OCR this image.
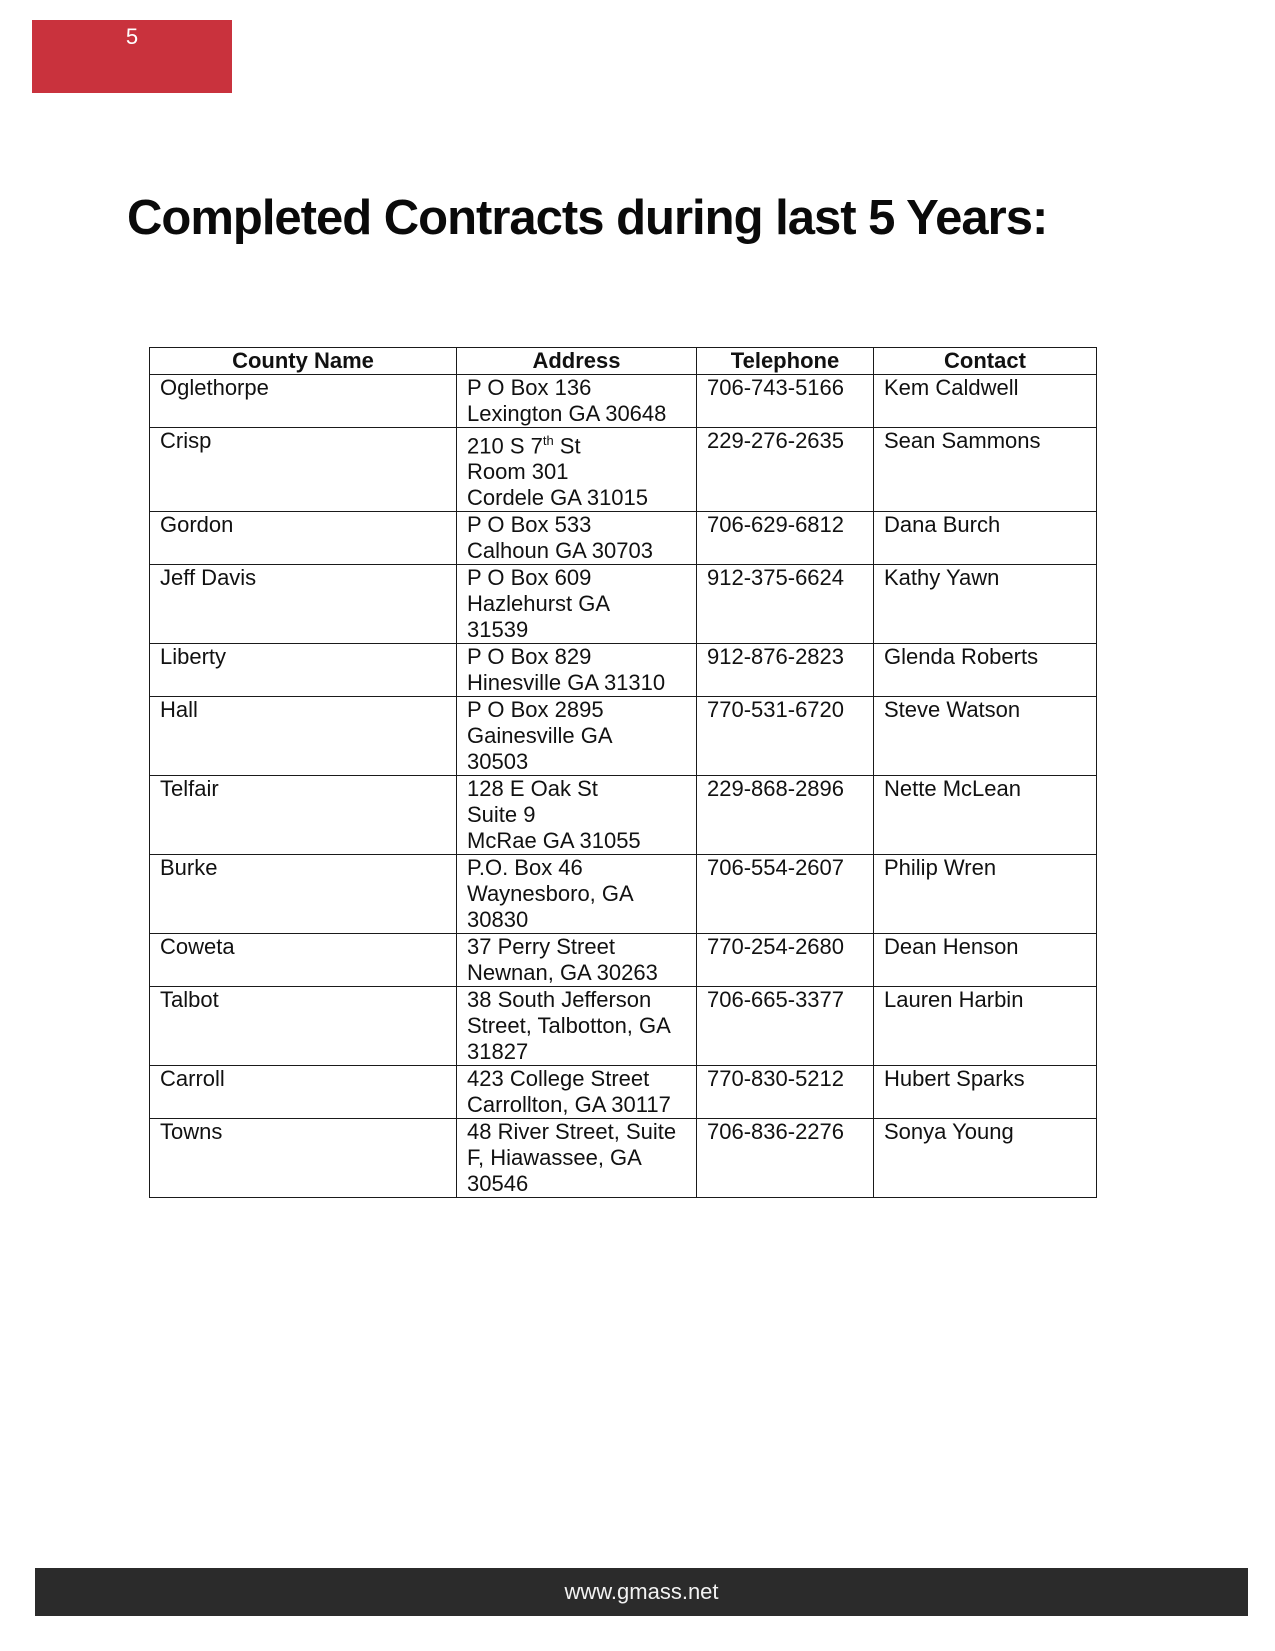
5
Completed Contracts during last 5 Years:
County Name	Address	Telephone	Contact
Oglethorpe	P O Box 136
Lexington GA 30648	706-743-5166	Kem Caldwell
Crisp	210 S 7th St
Room 301
Cordele GA 31015	229-276-2635	Sean Sammons
Gordon	P O Box 533
Calhoun GA 30703	706-629-6812	Dana Burch
Jeff Davis	P O Box 609
Hazlehurst GA
31539	912-375-6624	Kathy Yawn
Liberty	P O Box 829
Hinesville GA 31310	912-876-2823	Glenda Roberts
Hall	P O Box 2895
Gainesville GA
30503	770-531-6720	Steve Watson
Telfair	128 E Oak St
Suite 9
McRae GA 31055	229-868-2896	Nette McLean
Burke	P.O. Box 46
Waynesboro, GA
30830	706-554-2607	Philip Wren
Coweta	37 Perry Street
Newnan, GA 30263	770-254-2680	Dean Henson
Talbot	38 South Jefferson
Street, Talbotton, GA
31827	706-665-3377	Lauren Harbin
Carroll	423 College Street
Carrollton, GA 30117	770-830-5212	Hubert Sparks
Towns	48 River Street, Suite
F, Hiawassee, GA
30546	706-836-2276	Sonya Young
www.gmass.net
